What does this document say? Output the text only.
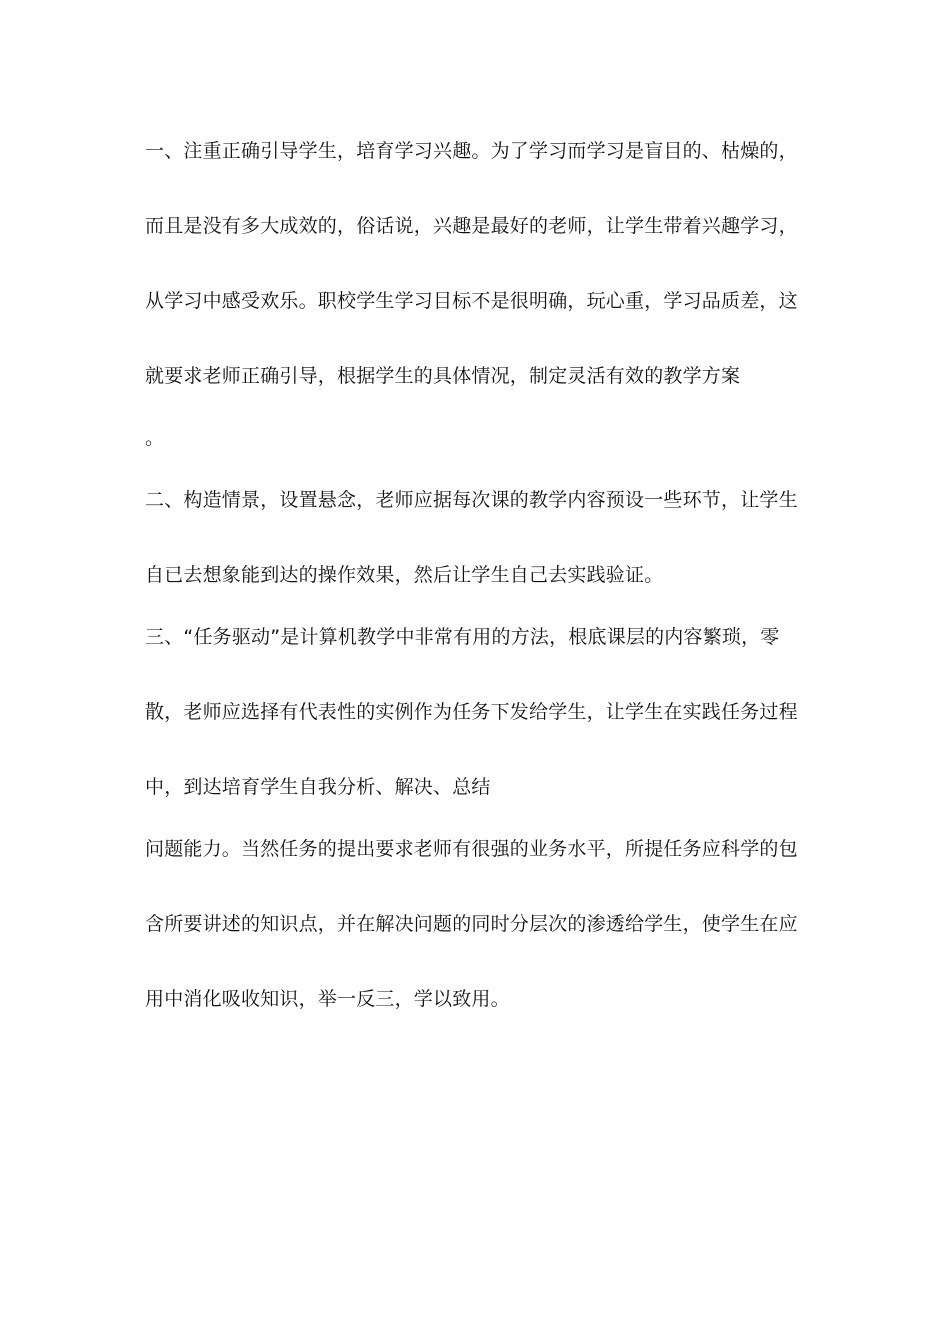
一、注重正确引导学生，培育学习兴趣。为了学习而学习是盲目的、枯燥的，
而且是没有多大成效的，俗话说，兴趣是最好的老师，让学生带着兴趣学习，
从学习中感受欢乐。职校学生学习目标不是很明确，玩心重，学习品质差，这
就要求老师正确引导，根据学生的具体情况，制定灵活有效的教学方案
。
二、构造情景，设置悬念，老师应据每次课的教学内容预设一些环节，让学生
自已去想象能到达的操作效果，然后让学生自己去实践验证。
三、“任务驱动”是计算机教学中非常有用的方法，根底课层的内容繁琐，零
散，老师应选择有代表性的实例作为任务下发给学生，让学生在实践任务过程
中，到达培育学生自我分析、解决、总结
问题能力。当然任务的提出要求老师有很强的业务水平，所提任务应科学的包
含所要讲述的知识点，并在解决问题的同时分层次的渗透给学生，使学生在应
用中消化吸收知识，举一反三，学以致用。
